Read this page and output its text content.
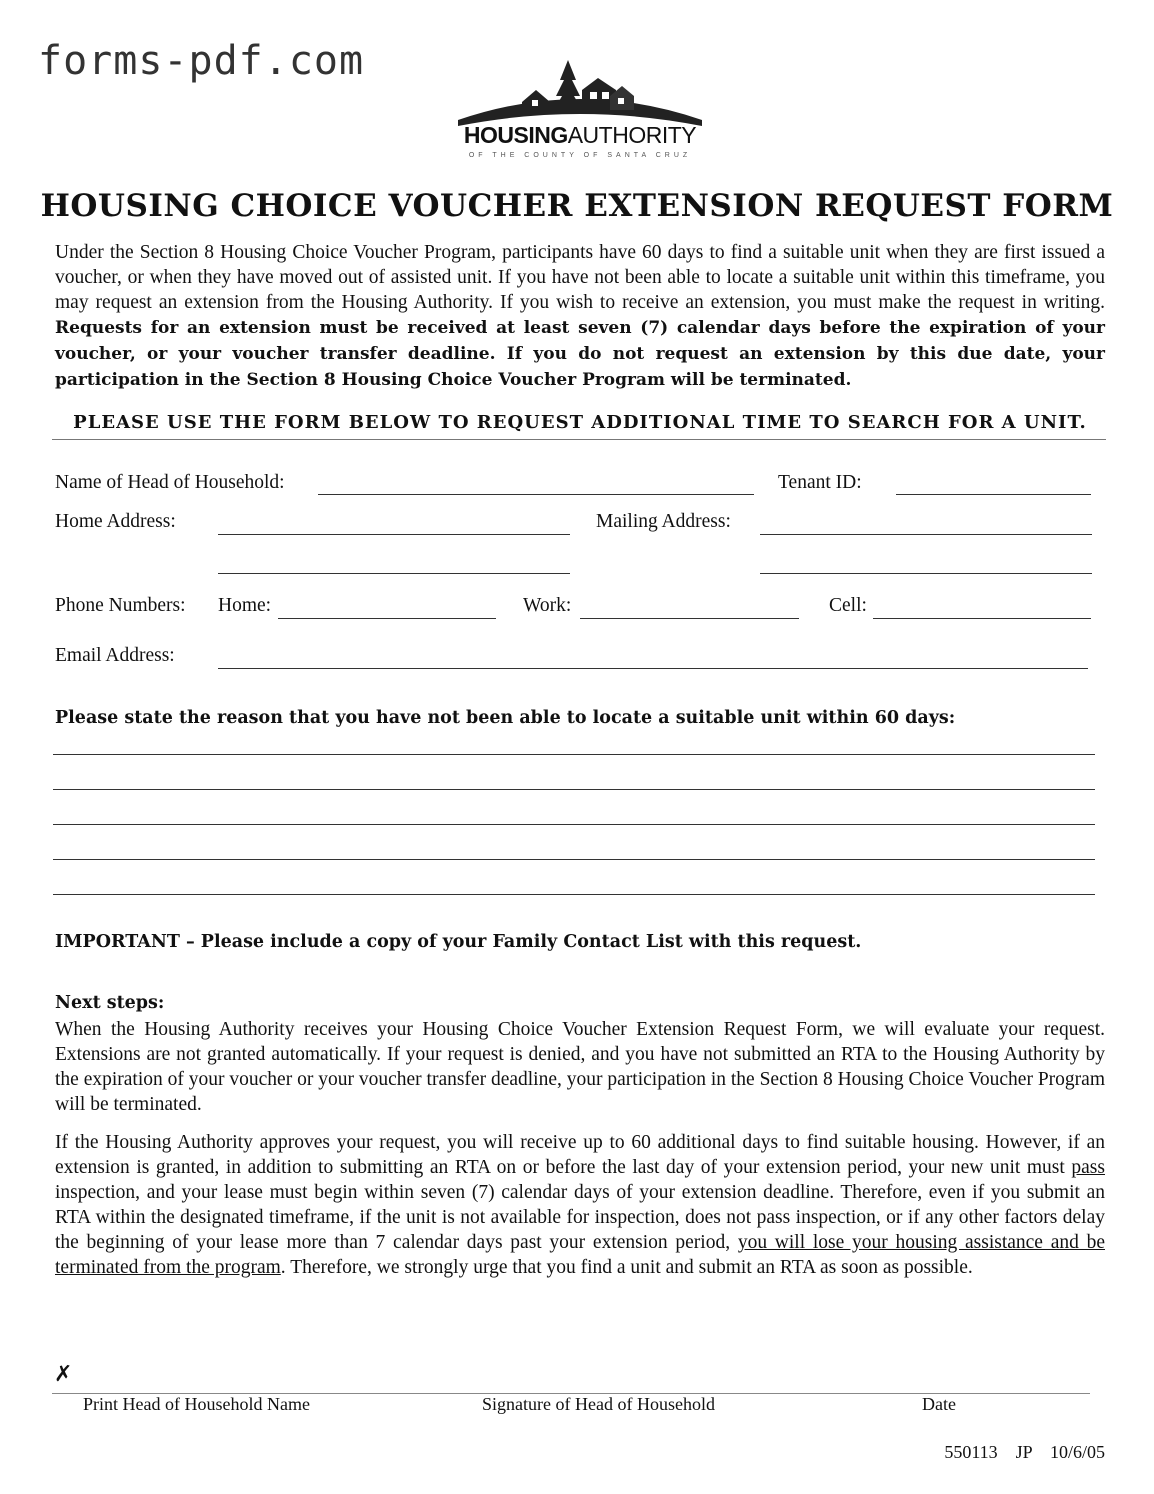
forms-pdf.com
HOUSINGAUTHORITY
OF THE COUNTY OF SANTA CRUZ
HOUSING CHOICE VOUCHER EXTENSION REQUEST FORM
Under the Section 8 Housing Choice Voucher Program, participants have 60 days to find a suitable unit when they are first issued a voucher, or when they have moved out of assisted unit. If you have not been able to locate a suitable unit within this timeframe, you may request an extension from the Housing Authority. If you wish to receive an extension, you must make the request in writing. Requests for an extension must be received at least seven (7) calendar days before the expiration of your voucher, or your voucher transfer deadline. If you do not request an extension by this due date, your participation in the Section 8 Housing Choice Voucher Program will be terminated.
PLEASE USE THE FORM BELOW TO REQUEST ADDITIONAL TIME TO SEARCH FOR A UNIT.
Name of Head of Household:	Tenant ID:
Home Address:	Mailing Address:
Phone Numbers: Home:	Work:	Cell:
Email Address:
Please state the reason that you have not been able to locate a suitable unit within 60 days:
IMPORTANT – Please include a copy of your Family Contact List with this request.
Next steps:
When the Housing Authority receives your Housing Choice Voucher Extension Request Form, we will evaluate your request. Extensions are not granted automatically. If your request is denied, and you have not submitted an RTA to the Housing Authority by the expiration of your voucher or your voucher transfer deadline, your participation in the Section 8 Housing Choice Voucher Program will be terminated.
If the Housing Authority approves your request, you will receive up to 60 additional days to find suitable housing. However, if an extension is granted, in addition to submitting an RTA on or before the last day of your extension period, your new unit must pass inspection, and your lease must begin within seven (7) calendar days of your extension deadline. Therefore, even if you submit an RTA within the designated timeframe, if the unit is not available for inspection, does not pass inspection, or if any other factors delay the beginning of your lease more than 7 calendar days past your extension period, you will lose your housing assistance and be terminated from the program. Therefore, we strongly urge that you find a unit and submit an RTA as soon as possible.
✗
Print Head of Household Name	Signature of Head of Household	Date
550113    JP    10/6/05
